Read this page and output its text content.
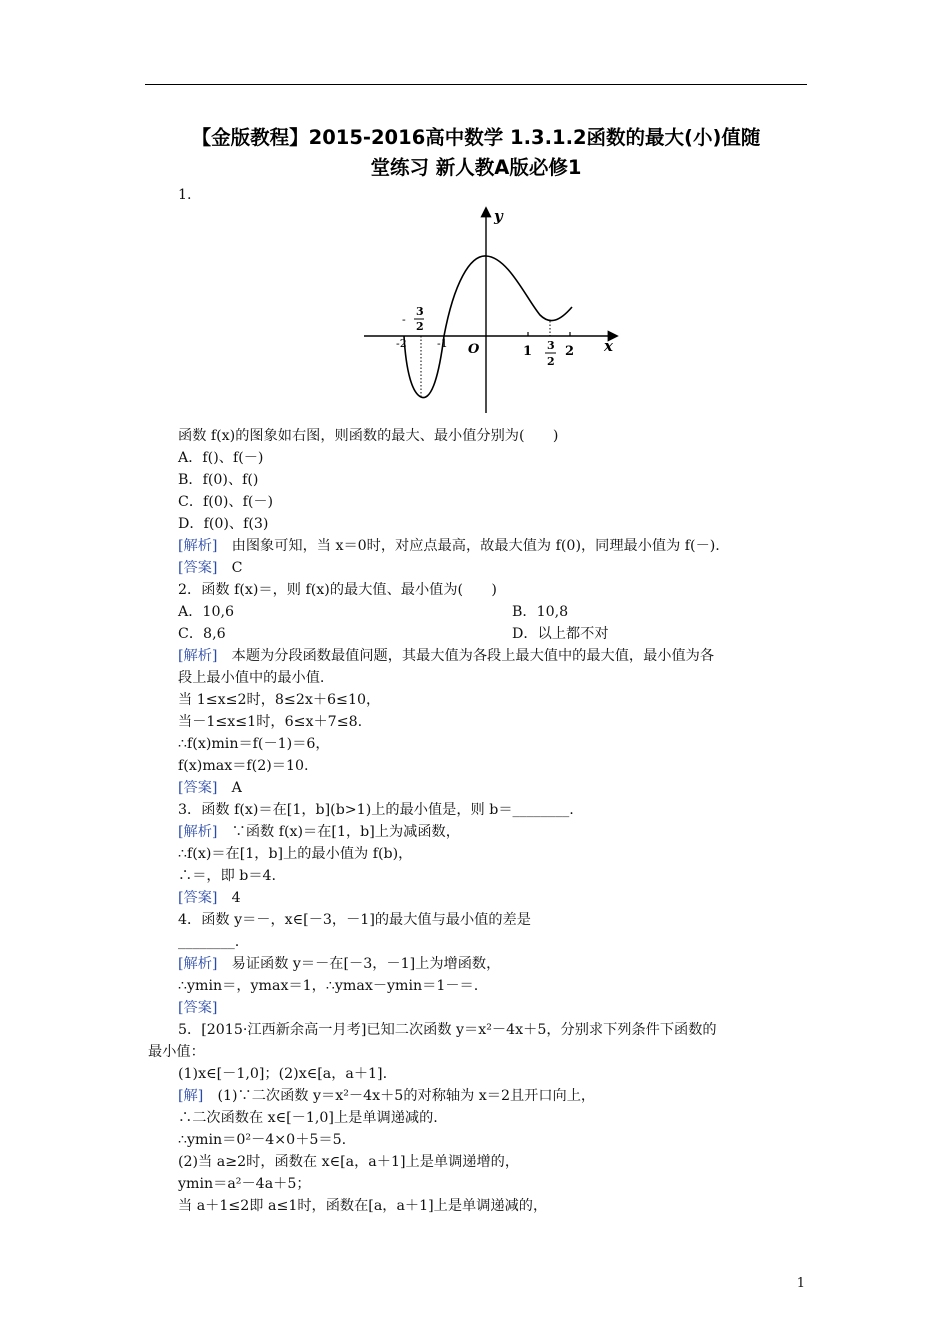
【金版教程】2015-2016高中数学 1.3.1.2函数的最大(小)值随
堂练习 新人教A版必修1
1.
函数 f(x)的图象如右图，则函数的最大、最小值分别为(　　)
A．f()、f(－)
B．f(0)、f()
C．f(0)、f(－)
D．f(0)、f(3)
[解析]　由图象可知，当 x＝0时，对应点最高，故最大值为 f(0)，同理最小值为 f(－).
[答案]　C
2．函数 f(x)＝，则 f(x)的最大值、最小值为(　　)
A．10,6	B．10,8
C．8,6	D．以上都不对
[解析]　本题为分段函数最值问题，其最大值为各段上最大值中的最大值，最小值为各
段上最小值中的最小值.
当 1≤x≤2时，8≤2x＋6≤10，
当－1≤x≤1时，6≤x＋7≤8.
∴f(x)min＝f(－1)＝6，
f(x)max＝f(2)＝10.
[答案]　A
3．函数 f(x)＝在[1，b](b>1)上的最小值是，则 b＝________.
[解析]　∵函数 f(x)＝在[1，b]上为减函数，
∴f(x)＝在[1，b]上的最小值为 f(b)，
∴＝，即 b＝4.
[答案]　4
4．函数 y＝－，x∈[－3，－1]的最大值与最小值的差是
________.
[解析]　易证函数 y＝－在[－3，－1]上为增函数，
∴ymin＝，ymax＝1，∴ymax－ymin＝1－＝.
[答案]
5．[2015·江西新余高一月考]已知二次函数 y＝x²－4x＋5，分别求下列条件下函数的
最小值：
(1)x∈[－1,0]；(2)x∈[a，a＋1].
[解]　(1)∵二次函数 y＝x²－4x＋5的对称轴为 x＝2且开口向上，
∴二次函数在 x∈[－1,0]上是单调递减的.
∴ymin＝0²－4×0＋5＝5.
(2)当 a≥2时，函数在 x∈[a，a＋1]上是单调递增的，
ymin＝a²－4a＋5；
当 a＋1≤2即 a≤1时，函数在[a，a＋1]上是单调递减的，
y
x
O
-2	-1
1	2
-
3
2
3
2
1
